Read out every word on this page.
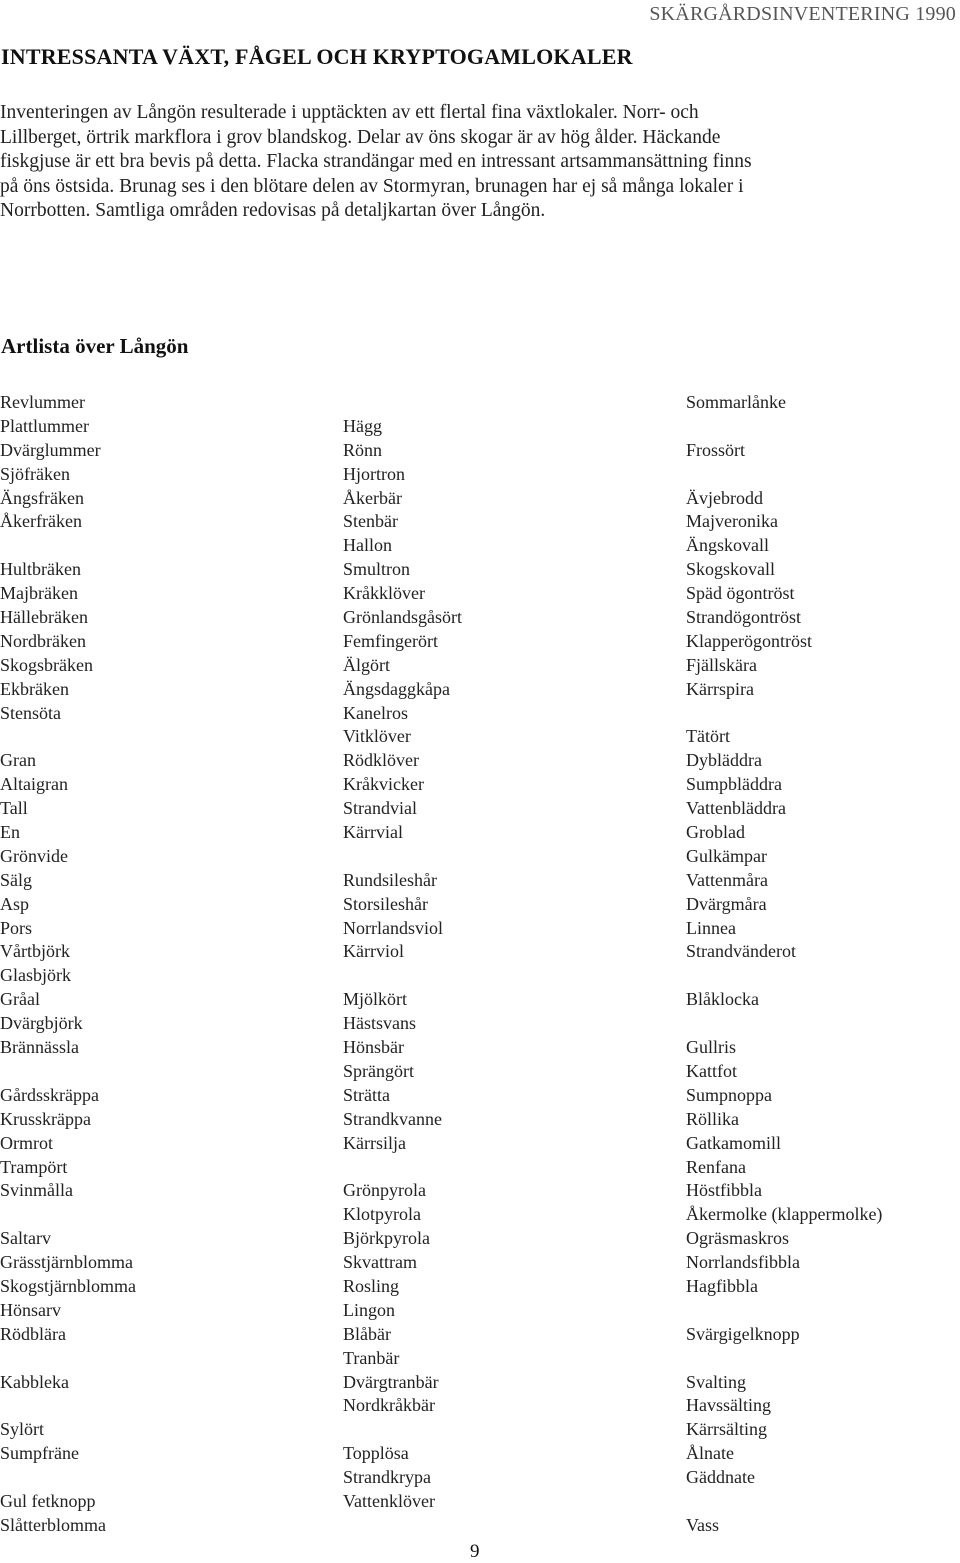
SKÄRGÅRDSINVENTERING 1990
INTRESSANTA VÄXT, FÅGEL OCH KRYPTOGAMLOKALER
Inventeringen av Långön resulterade i upptäckten av ett flertal fina växtlokaler. Norr- och
Lillberget, örtrik markflora i grov blandskog. Delar av öns skogar är av hög ålder. Häckande
fiskgjuse är ett bra bevis på detta. Flacka strandängar med en intressant artsammansättning finns
på öns östsida. Brunag ses i den blötare delen av Stormyran, brunagen har ej så många lokaler i
Norrbotten. Samtliga områden redovisas på detaljkartan över Långön.
Artlista över Långön
Revlummer
Plattlummer
Dvärglummer
Sjöfräken
Ängsfräken
Åkerfräken
Hultbräken
Majbräken
Hällebräken
Nordbräken
Skogsbräken
Ekbräken
Stensöta
Gran
Altaigran
Tall
En
Grönvide
Sälg
Asp
Pors
Vårtbjörk
Glasbjörk
Gråal
Dvärgbjörk
Brännässla
Gårdsskräppa
Krusskräppa
Ormrot
Trampört
Svinmålla
Saltarv
Grässtjärnblomma
Skogstjärnblomma
Hönsarv
Rödblära
Kabbleka
Sylört
Sumpfräne
Gul fetknopp
Slåtterblomma
Hägg
Rönn
Hjortron
Åkerbär
Stenbär
Hallon
Smultron
Kråkklöver
Grönlandsgåsört
Femfingerört
Älgört
Ängsdaggkåpa
Kanelros
Vitklöver
Rödklöver
Kråkvicker
Strandvial
Kärrvial
Rundsileshår
Storsileshår
Norrlandsviol
Kärrviol
Mjölkört
Hästsvans
Hönsbär
Sprängört
Strätta
Strandkvanne
Kärrsilja
Grönpyrola
Klotpyrola
Björkpyrola
Skvattram
Rosling
Lingon
Blåbär
Tranbär
Dvärgtranbär
Nordkråkbär
Topplösa
Strandkrypa
Vattenklöver
Sommarlånke
Frossört
Ävjebrodd
Majveronika
Ängskovall
Skogskovall
Späd ögontröst
Strandögontröst
Klapperögontröst
Fjällskära
Kärrspira
Tätört
Dybläddra
Sumpbläddra
Vattenbläddra
Groblad
Gulkämpar
Vattenmåra
Dvärgmåra
Linnea
Strandvänderot
Blåklocka
Gullris
Kattfot
Sumpnoppa
Röllika
Gatkamomill
Renfana
Höstfibbla
Åkermolke (klappermolke)
Ogräsmaskros
Norrlandsfibbla
Hagfibbla
Svärgigelknopp
Svalting
Havssälting
Kärrsälting
Ålnate
Gäddnate
Vass
9
